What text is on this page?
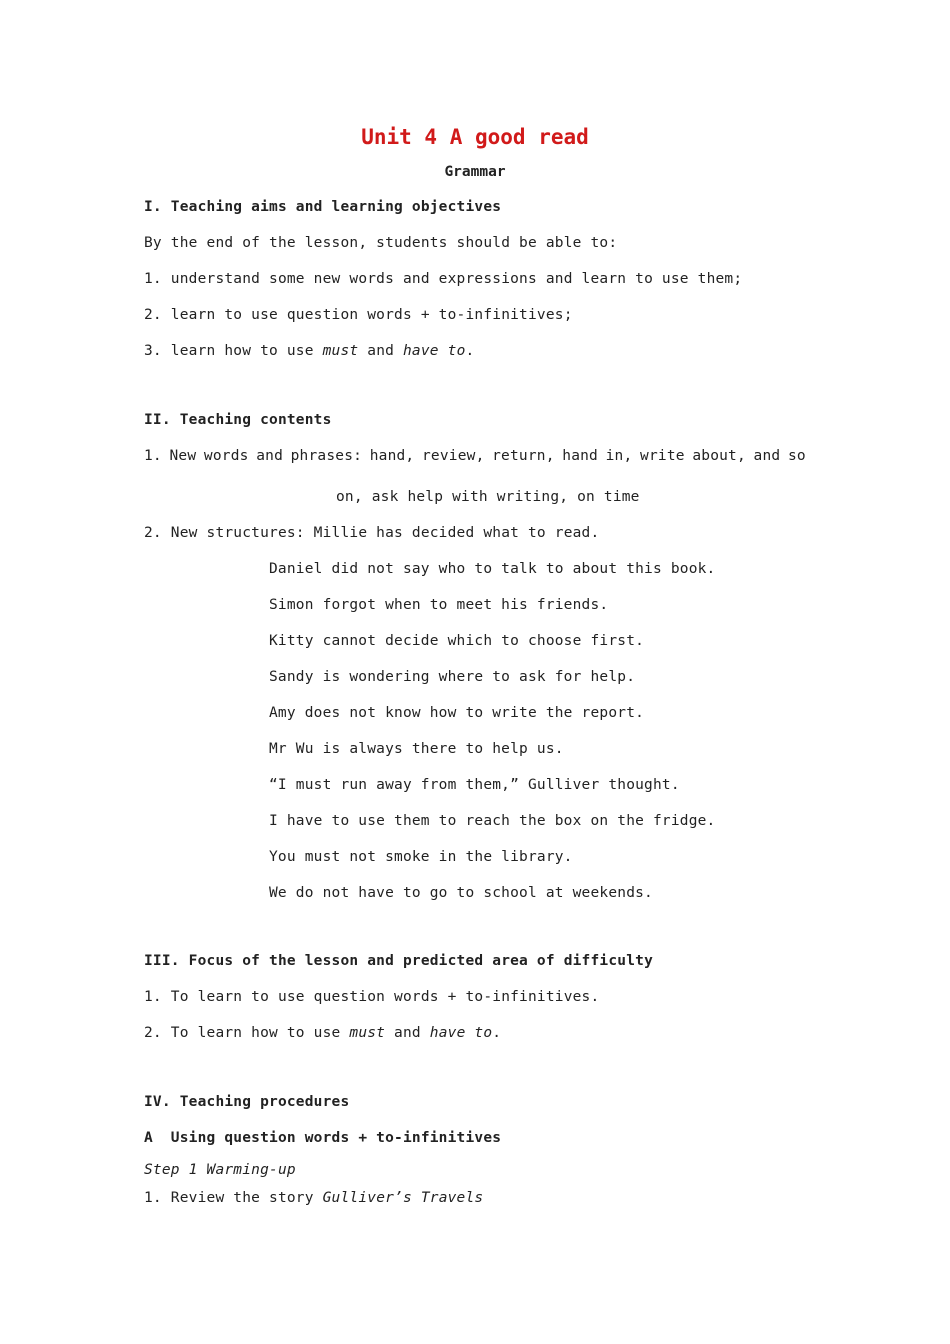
Unit 4 A good read
Grammar
I. Teaching aims and learning objectives
By the end of the lesson, students should be able to:
1. understand some new words and expressions and learn to use them;
2. learn to use question words + to-infinitives;
3. learn how to use must and have to.
II. Teaching contents
1. New words and phrases: hand, review, return, hand in, write about, and so
on, ask help with writing, on time
2. New structures: Millie has decided what to read.
Daniel did not say who to talk to about this book.
Simon forgot when to meet his friends.
Kitty cannot decide which to choose first.
Sandy is wondering where to ask for help.
Amy does not know how to write the report.
Mr Wu is always there to help us.
“I must run away from them,” Gulliver thought.
I have to use them to reach the box on the fridge.
You must not smoke in the library.
We do not have to go to school at weekends.
III. Focus of the lesson and predicted area of difficulty
1. To learn to use question words + to-infinitives.
2. To learn how to use must and have to.
IV. Teaching procedures
A  Using question words + to-infinitives
Step 1 Warming-up
1. Review the story Gulliver’s Travels
